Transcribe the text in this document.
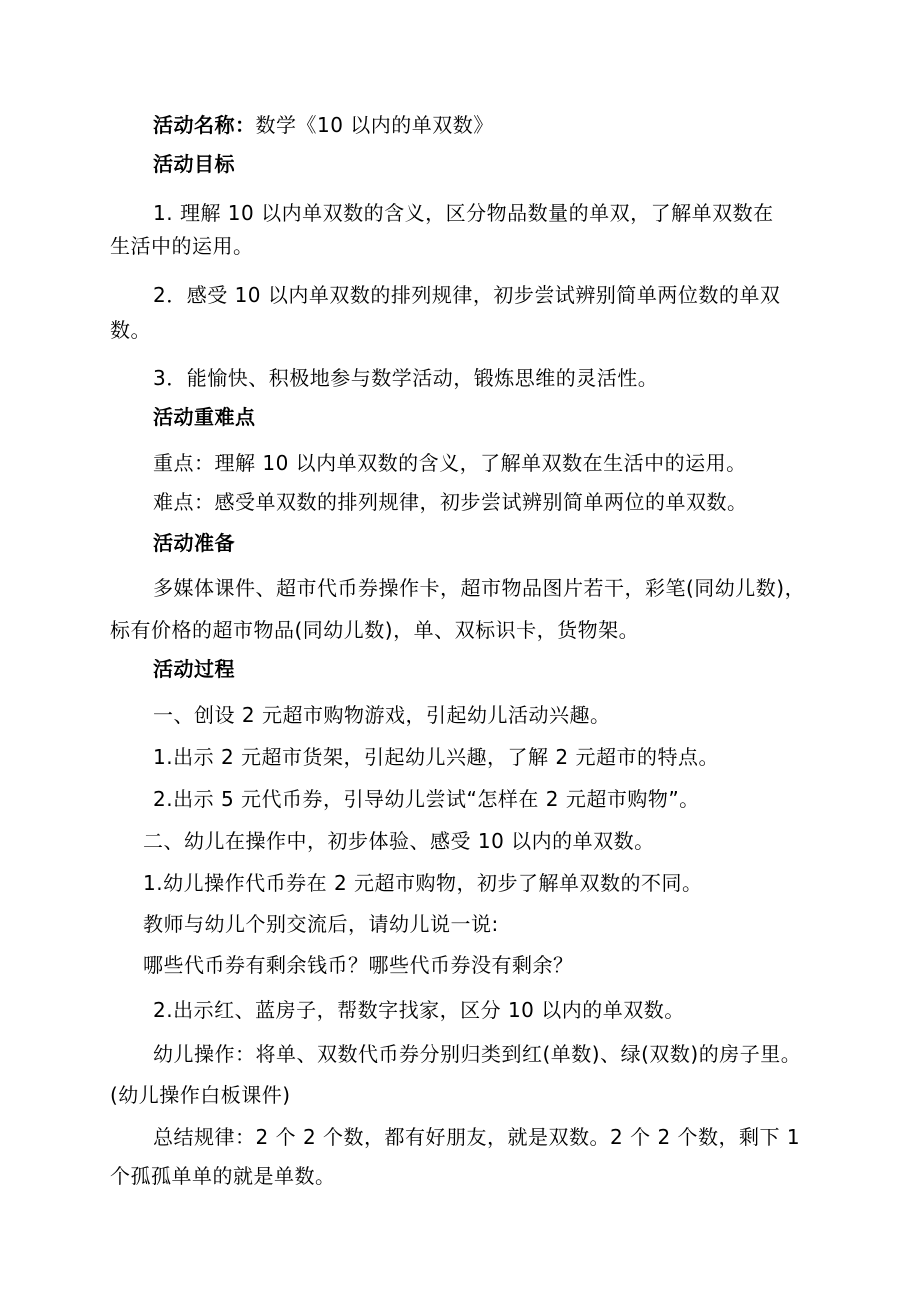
活动名称：数学《10 以内的单双数》
活动目标
1. 理解 10 以内单双数的含义，区分物品数量的单双，了解单双数在
生活中的运用。
2．感受 10 以内单双数的排列规律，初步尝试辨别简单两位数的单双
数。
3．能愉快、积极地参与数学活动，锻炼思维的灵活性。
活动重难点
重点：理解 10 以内单双数的含义，了解单双数在生活中的运用。
难点：感受单双数的排列规律，初步尝试辨别简单两位的单双数。
活动准备
多媒体课件、超市代币券操作卡，超市物品图片若干，彩笔(同幼儿数)，
标有价格的超市物品(同幼儿数)，单、双标识卡，货物架。
活动过程
一、创设 2 元超市购物游戏，引起幼儿活动兴趣。
1.出示 2 元超市货架，引起幼儿兴趣，了解 2 元超市的特点。
2.出示 5 元代币券，引导幼儿尝试“怎样在 2 元超市购物”。
二、幼儿在操作中，初步体验、感受 10 以内的单双数。
1.幼儿操作代币券在 2 元超市购物，初步了解单双数的不同。
教师与幼儿个别交流后，请幼儿说一说:
哪些代币券有剩余钱币？哪些代币券没有剩余？
2.出示红、蓝房子，帮数字找家，区分 10 以内的单双数。
幼儿操作：将单、双数代币券分别归类到红(单数)、绿(双数)的房子里。
(幼儿操作白板课件)
总结规律：2 个 2 个数，都有好朋友，就是双数。2 个 2 个数，剩下 1
个孤孤单单的就是单数。
